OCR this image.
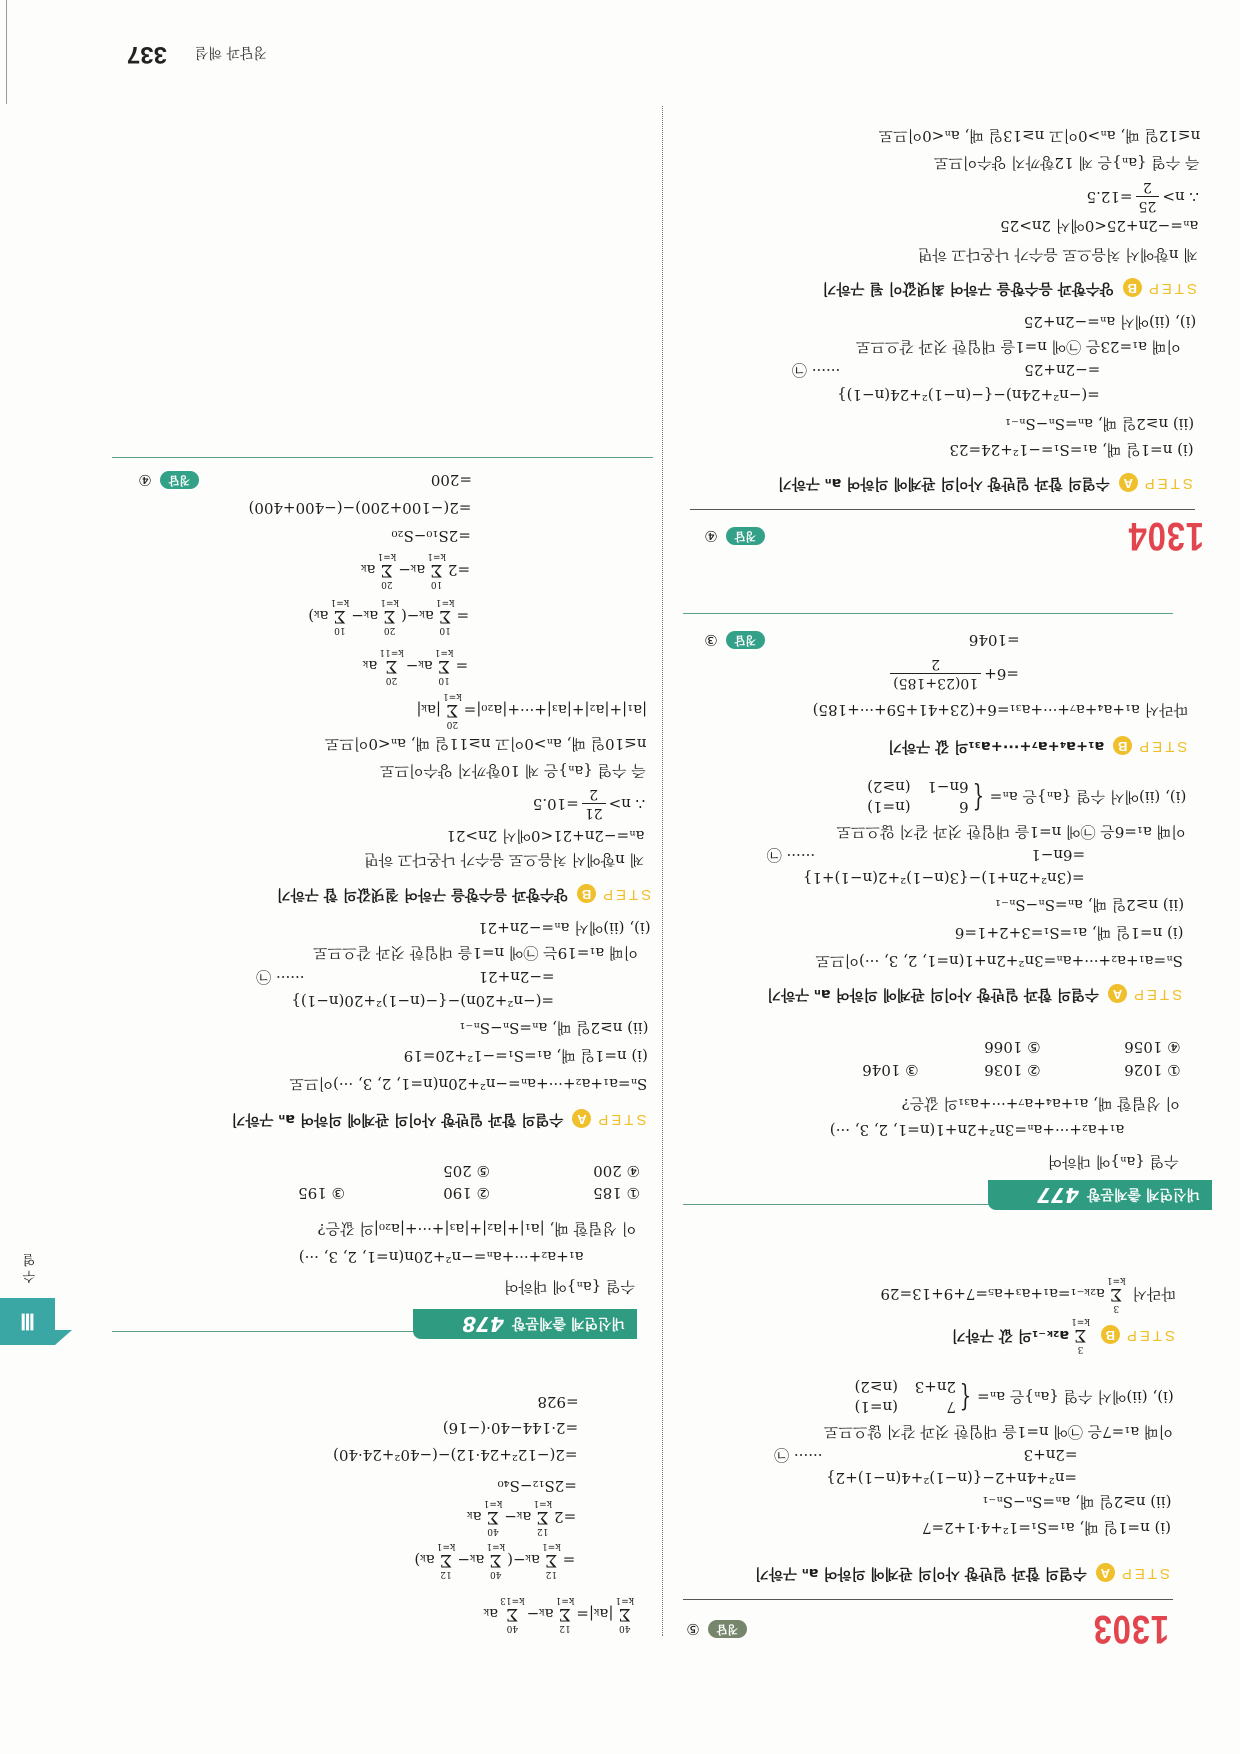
1303
정답
⑤
STEP
A
수열의 합과 일반항 사이의 관계에 의하여 aₙ 구하기
(ⅰ) n=1일 때, a₁=S₁=1²+4·1+2=7
(ⅱ) n≥2일 때, aₙ=Sₙ−Sₙ₋₁
=n²+4n+2−{(n−1)²+4(n−1)+2}
=2n+3
······ ㉠
이때 a₁=7은 ㉠에 n=1을 대입한 것과 같지 않으므로
(ⅰ), (ⅱ)에서 수열 {aₙ}은 aₙ=
{
7
(n=1)
2n+3
(n≥2)
STEP
B
3
Σ
k=1
a₂ₖ₋₁의 값 구하기
따라서
3
Σ
k=1
a₂ₖ₋₁=a₁+a₃+a₅=7+9+13=29
내신연계 출제문항
477
수열 {aₙ}에 대하여
a₁+a₂+···+aₙ=3n²+2n+1(n=1, 2, 3, ···)
이 성립할 때, a₁+a₄+a₇+···+a₃₁의 값은?
① 1026
② 1036
③ 1046
④ 1056
⑤ 1066
STEP
A
수열의 합과 일반항 사이의 관계에 의하여 aₙ 구하기
Sₙ=a₁+a₂+···+aₙ=3n²+2n+1(n=1, 2, 3, ···)이므로
(ⅰ) n=1일 때, a₁=S₁=3+2+1=6
(ⅱ) n≥2일 때, aₙ=Sₙ−Sₙ₋₁
=(3n²+2n+1)−{3(n−1)²+2(n−1)+1}
=6n−1
······ ㉠
이때 a₁=6은 ㉠에 n=1을 대입한 것과 같지 않으므로
(ⅰ), (ⅱ)에서 수열 {aₙ}은 aₙ=
{
6
(n=1)
6n−1
(n≥2)
STEP
B
a₁+a₄+a₇+···+a₃₁의 값 구하기
따라서 a₁+a₄+a₇+···+a₃₁=6+(23+41+59+···+185)
=6+
10(23+185)
2
=1046
정답
③
1304
정답
④
STEP
A
수열의 합과 일반항 사이의 관계에 의하여 aₙ 구하기
(ⅰ) n=1일 때, a₁=S₁=−1²+24=23
(ⅱ) n≥2일 때, aₙ=Sₙ−Sₙ₋₁
=(−n²+24n)−{−(n−1)²+24(n−1)}
=−2n+25
······ ㉠
이때 a₁=23은 ㉠에 n=1을 대입한 것과 같으므로
(ⅰ), (ⅱ)에서 aₙ=−2n+25
STEP
B
양수항과 음수항을 구하여 최댓값이 될 구하기
제 n항에서 처음으로 음수가 나온다고 하면
aₙ=−2n+25<0에서 2n>25
∴ n>
25
2
=12.5
즉 수열 {aₙ}은 제 12항까지 양수이므로
n≤12일 때, aₙ>0이고 n≥13일 때, aₙ<0이므로
40
Σ
k=1
|aₖ|=
12
Σ
k=1
aₖ−
40
Σ
k=13
aₖ
=
12
Σ
k=1
aₖ−(
40
Σ
k=1
aₖ−
12
Σ
k=1
aₖ)
=2
12
Σ
k=1
aₖ−
40
Σ
k=1
aₖ
=2S₁₂−S₄₀
=2(−12²+24·12)−(−40²+24·40)
=2·144−40·(−16)
=928
내신연계 출제문항
478
수열 {aₙ}에 대하여
a₁+a₂+···+aₙ=−n²+20n(n=1, 2, 3, ···)
이 성립할 때, |a₁|+|a₂|+|a₃|+···+|a₂₀|의 값은?
① 185
② 190
③ 195
④ 200
⑤ 205
STEP
A
수열의 합과 일반항 사이의 관계에 의하여 aₙ 구하기
Sₙ=a₁+a₂+···+aₙ=−n²+20n(n=1, 2, 3, ···)이므로
(ⅰ) n=1일 때, a₁=S₁=−1²+20=19
(ⅱ) n≥2일 때, aₙ=Sₙ−Sₙ₋₁
=(−n²+20n)−{−(n−1)²+20(n−1)}
=−2n+21
······ ㉠
이때 a₁=19는 ㉠에 n=1을 대입한 것과 같으므로
(ⅰ), (ⅱ)에서 aₙ=−2n+21
STEP
B
양수항과 음수항을 구하여 절댓값의 합 구하기
제 n항에서 처음으로 음수가 나온다고 하면
aₙ=−2n+21<0에서 2n>21
∴ n>
21
2
=10.5
즉 수열 {aₙ}은 제 10항까지 양수이므로
n≤10일 때, aₙ>0이고 n≥11일 때, aₙ<0이므로
|a₁|+|a₂|+|a₃|+···+|a₂₀|=
20
Σ
k=1
|aₖ|
=
10
Σ
k=1
aₖ−
20
Σ
k=11
aₖ
=
10
Σ
k=1
aₖ−(
20
Σ
k=1
aₖ−
10
Σ
k=1
aₖ)
=2
10
Σ
k=1
aₖ−
20
Σ
k=1
aₖ
=2S₁₀−S₂₀
=2(−100+200)−(−400+400)
=200
정답
④
Ⅲ
수열
정답과 해설
337
